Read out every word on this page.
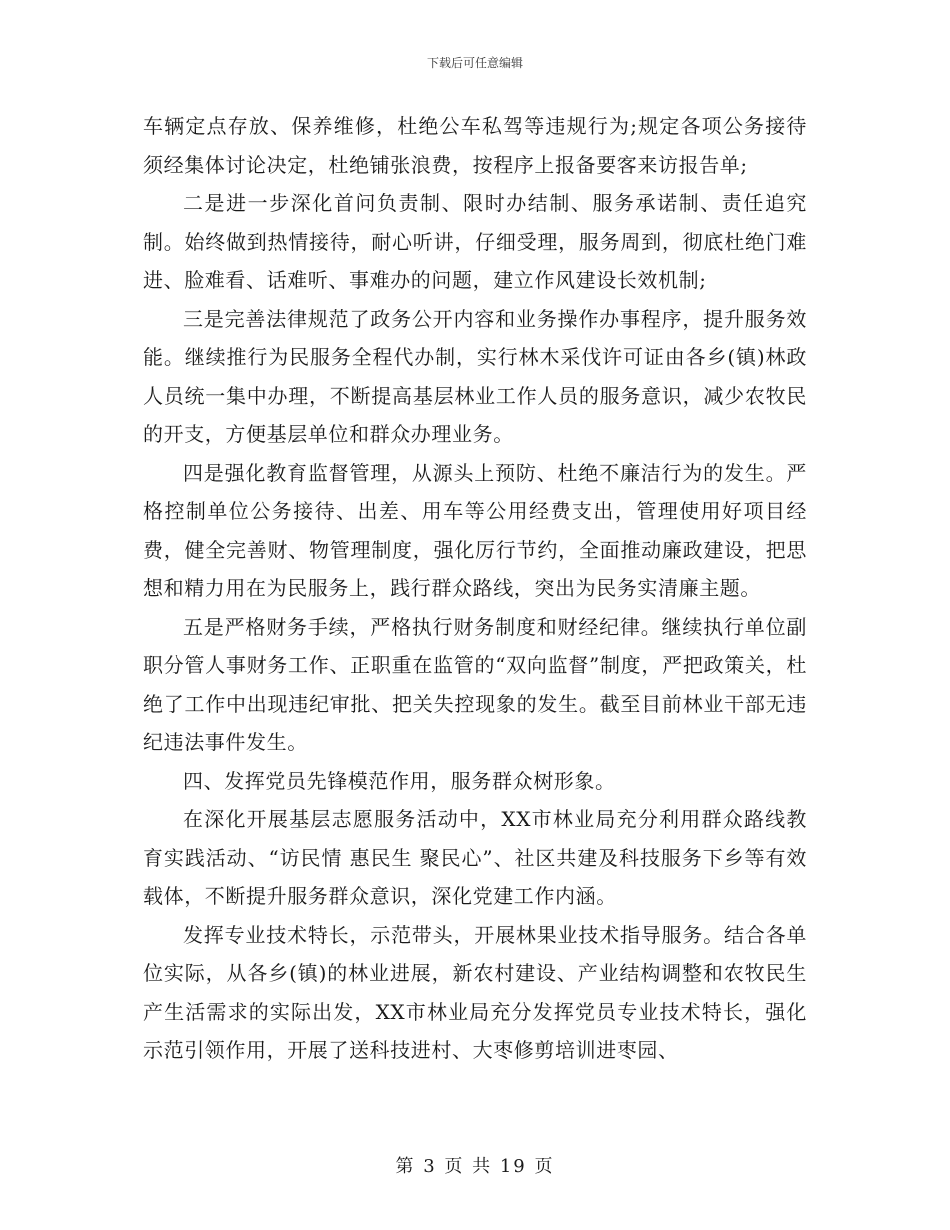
下载后可任意编辑

车辆定点存放、保养维修，杜绝公车私驾等违规行为;规定各项公务接待须经集体讨论决定，杜绝铺张浪费，按程序上报备要客来访报告单;

二是进一步深化首问负责制、限时办结制、服务承诺制、责任追究制。始终做到热情接待，耐心听讲，仔细受理，服务周到，彻底杜绝门难进、脸难看、话难听、事难办的问题，建立作风建设长效机制;

三是完善法律规范了政务公开内容和业务操作办事程序，提升服务效能。继续推行为民服务全程代办制，实行林木采伐许可证由各乡(镇)林政人员统一集中办理，不断提高基层林业工作人员的服务意识，减少农牧民的开支，方便基层单位和群众办理业务。

四是强化教育监督管理，从源头上预防、杜绝不廉洁行为的发生。严格控制单位公务接待、出差、用车等公用经费支出，管理使用好项目经费，健全完善财、物管理制度，强化厉行节约，全面推动廉政建设，把思想和精力用在为民服务上，践行群众路线，突出为民务实清廉主题。

五是严格财务手续，严格执行财务制度和财经纪律。继续执行单位副职分管人事财务工作、正职重在监管的“双向监督”制度，严把政策关，杜绝了工作中出现违纪审批、把关失控现象的发生。截至目前林业干部无违纪违法事件发生。

四、发挥党员先锋模范作用，服务群众树形象。

在深化开展基层志愿服务活动中，XX市林业局充分利用群众路线教育实践活动、“访民情 惠民生 聚民心”、社区共建及科技服务下乡等有效载体，不断提升服务群众意识，深化党建工作内涵。

发挥专业技术特长，示范带头，开展林果业技术指导服务。结合各单位实际，从各乡(镇)的林业进展，新农村建设、产业结构调整和农牧民生产生活需求的实际出发，XX市林业局充分发挥党员专业技术特长，强化示范引领作用，开展了送科技进村、大枣修剪培训进枣园、

第 3 页 共 19 页
